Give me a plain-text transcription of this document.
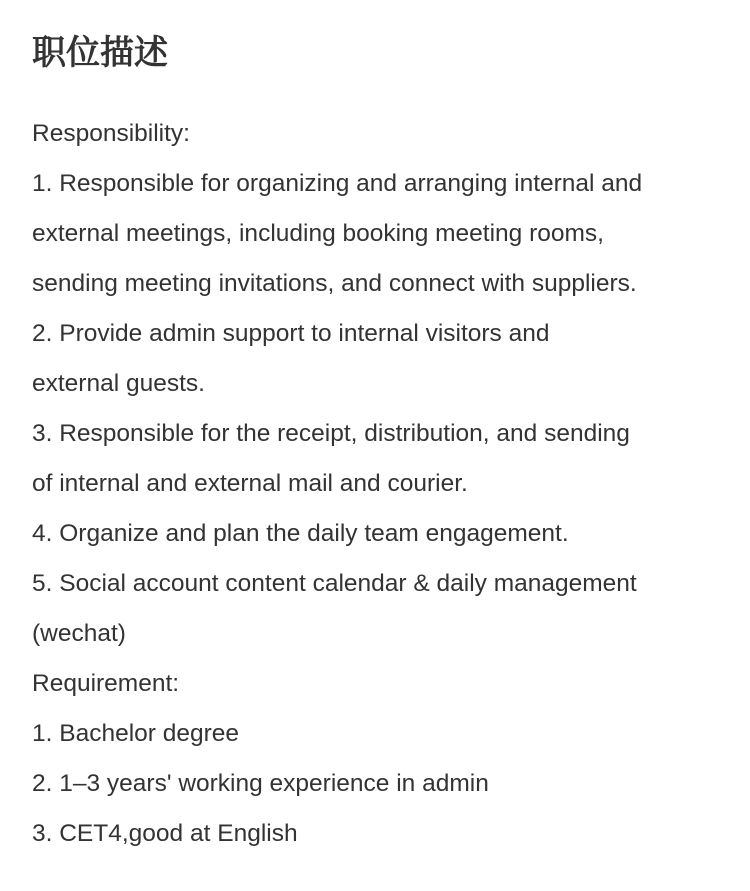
职位描述
Responsibility:
1. Responsible for organizing and arranging internal and
external meetings, including booking meeting rooms,
sending meeting invitations, and connect with suppliers.
2. Provide admin support to internal visitors and
external guests.
3. Responsible for the receipt, distribution, and sending
of internal and external mail and courier.
4. Organize and plan the daily team engagement.
5. Social account content calendar & daily management
(wechat)
Requirement:
1. Bachelor degree
2. 1–3 years' working experience in admin
3. CET4,good at English
